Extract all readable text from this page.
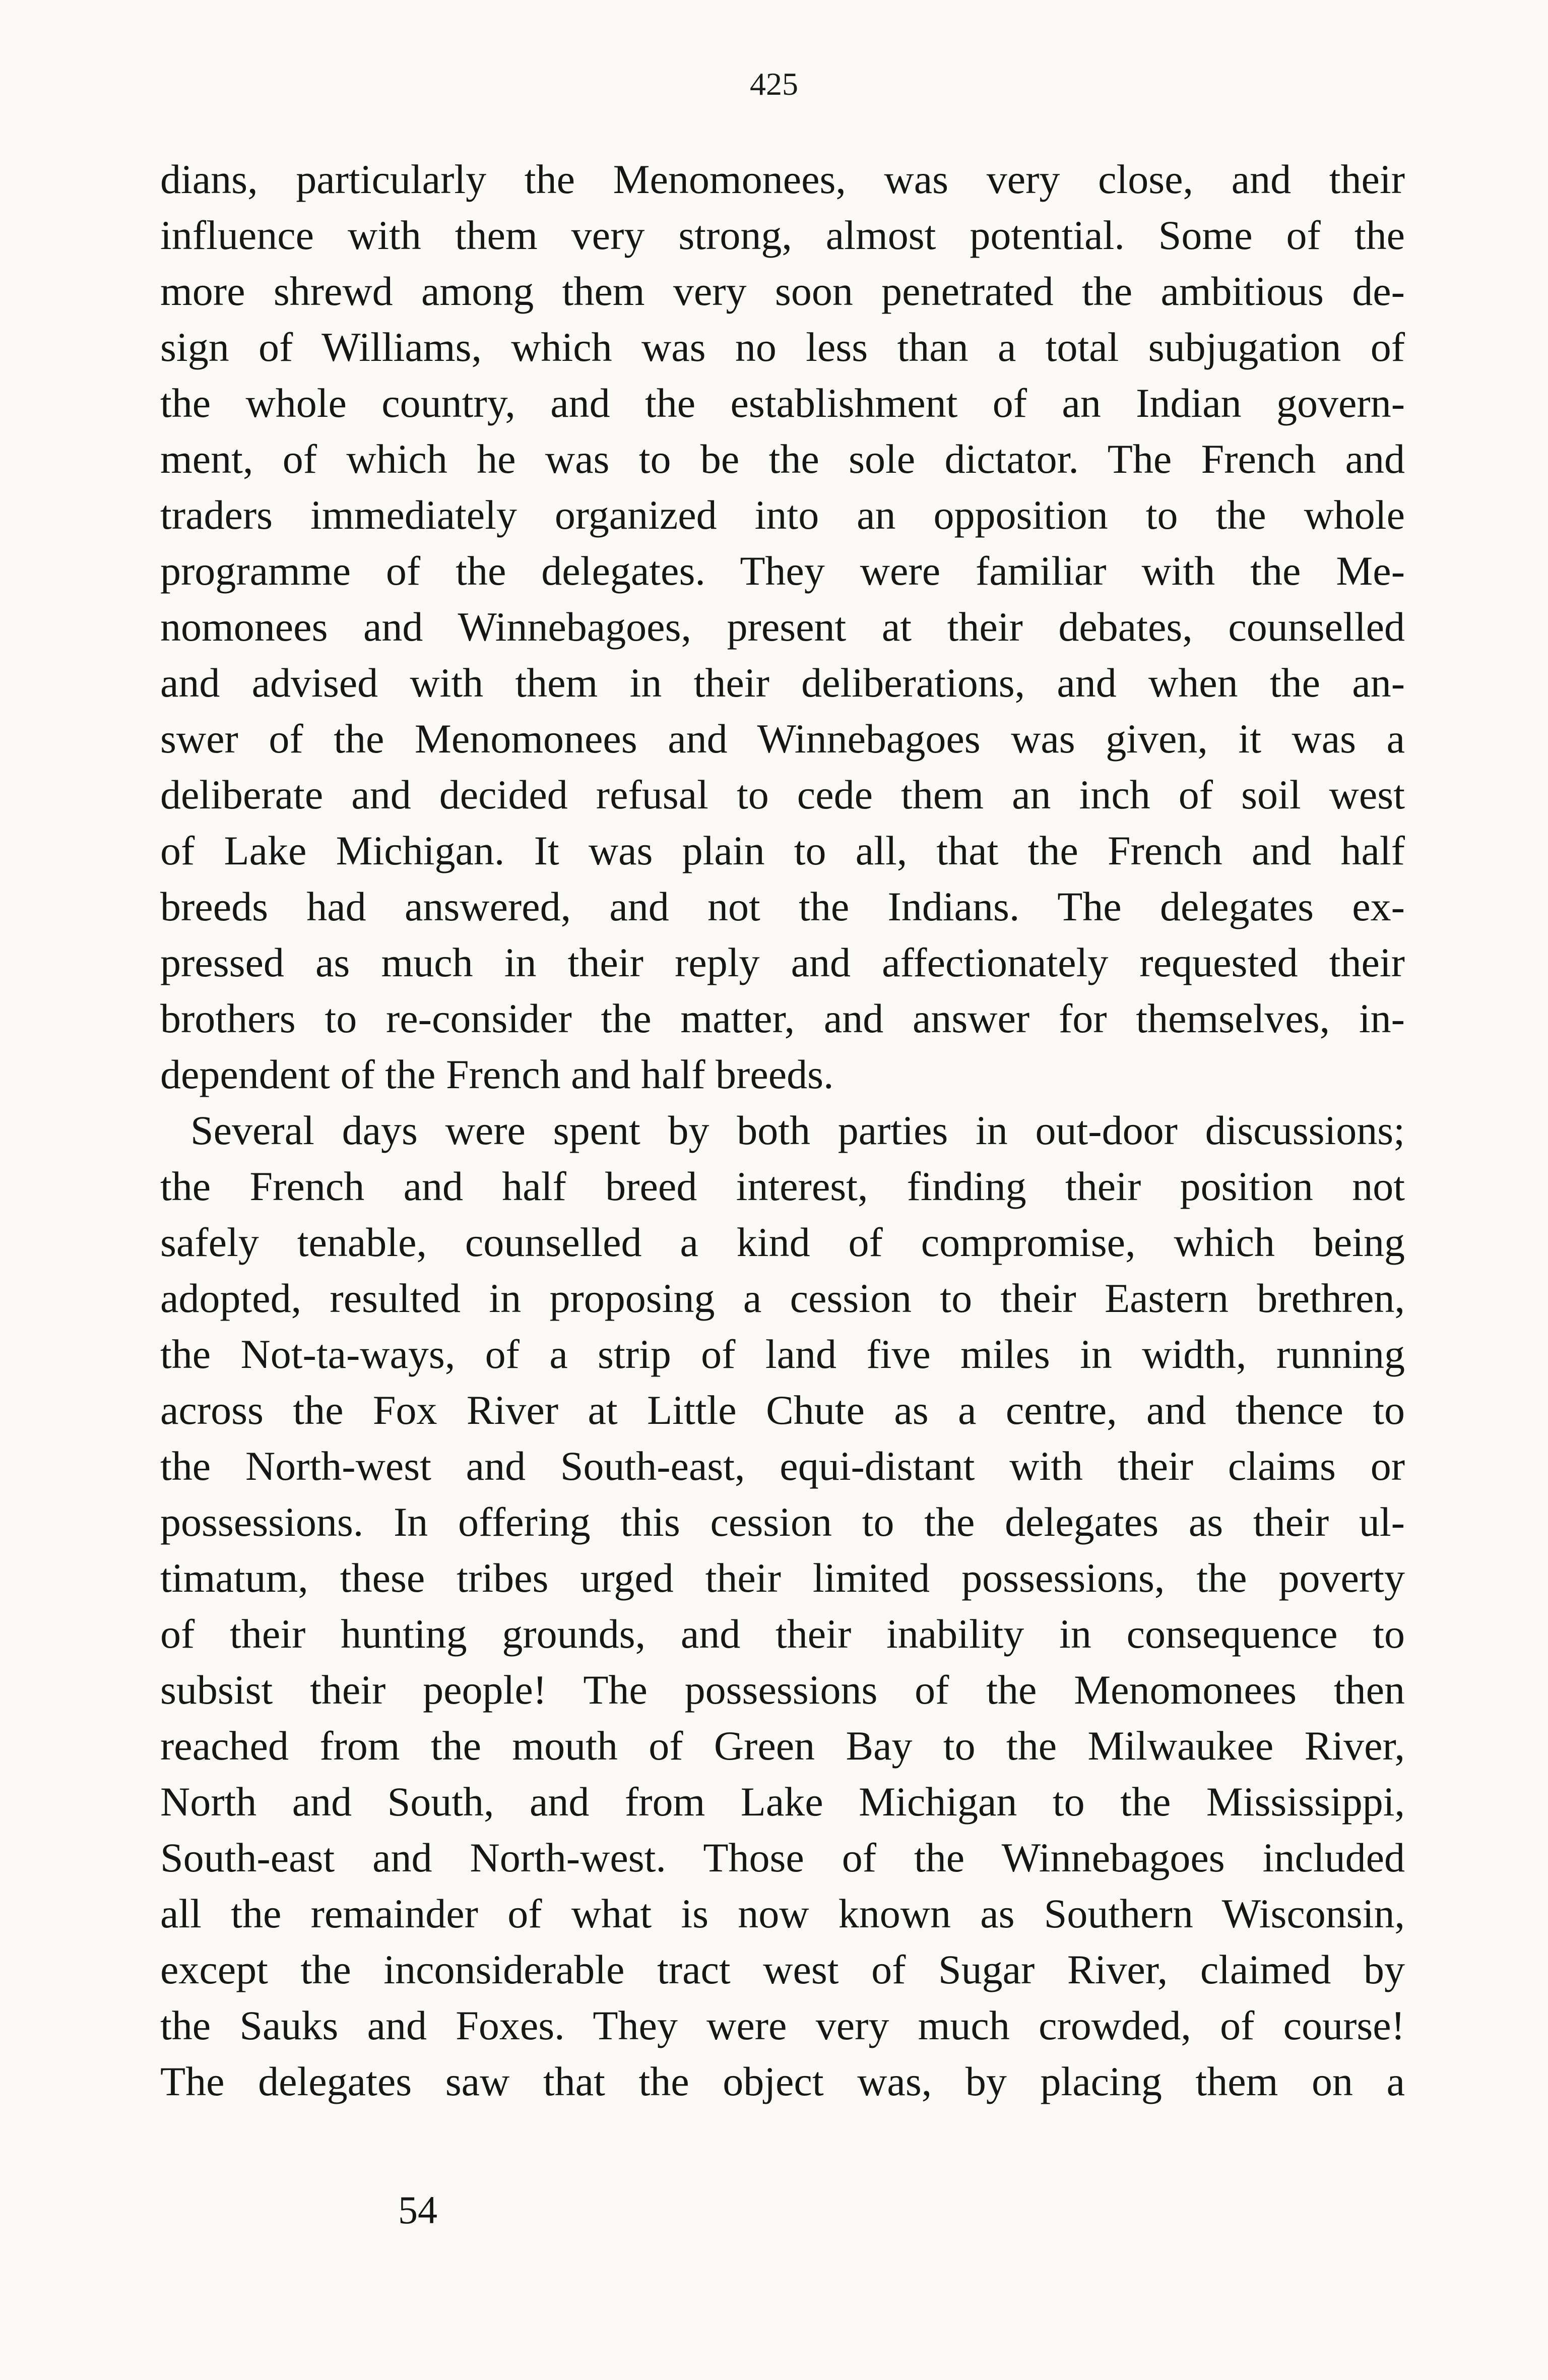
425
dians, particularly the Menomonees, was very close, and their
influence with them very strong, almost potential. Some of the
more shrewd among them very soon penetrated the ambitious de-
sign of Williams, which was no less than a total subjugation of
the whole country, and the establishment of an Indian govern-
ment, of which he was to be the sole dictator. The French and
traders immediately organized into an opposition to the whole
programme of the delegates. They were familiar with the Me-
nomonees and Winnebagoes, present at their debates, counselled
and advised with them in their deliberations, and when the an-
swer of the Menomonees and Winnebagoes was given, it was a
deliberate and decided refusal to cede them an inch of soil west
of Lake Michigan. It was plain to all, that the French and half
breeds had answered, and not the Indians. The delegates ex-
pressed as much in their reply and affectionately requested their
brothers to re-consider the matter, and answer for themselves, in-
dependent of the French and half breeds.
Several days were spent by both parties in out-door discussions;
the French and half breed interest, finding their position not
safely tenable, counselled a kind of compromise, which being
adopted, resulted in proposing a cession to their Eastern brethren,
the Not-ta-ways, of a strip of land five miles in width, running
across the Fox River at Little Chute as a centre, and thence to
the North-west and South-east, equi-distant with their claims or
possessions. In offering this cession to the delegates as their ul-
timatum, these tribes urged their limited possessions, the poverty
of their hunting grounds, and their inability in consequence to
subsist their people! The possessions of the Menomonees then
reached from the mouth of Green Bay to the Milwaukee River,
North and South, and from Lake Michigan to the Mississippi,
South-east and North-west. Those of the Winnebagoes included
all the remainder of what is now known as Southern Wisconsin,
except the inconsiderable tract west of Sugar River, claimed by
the Sauks and Foxes. They were very much crowded, of course!
The delegates saw that the object was, by placing them on a
54
